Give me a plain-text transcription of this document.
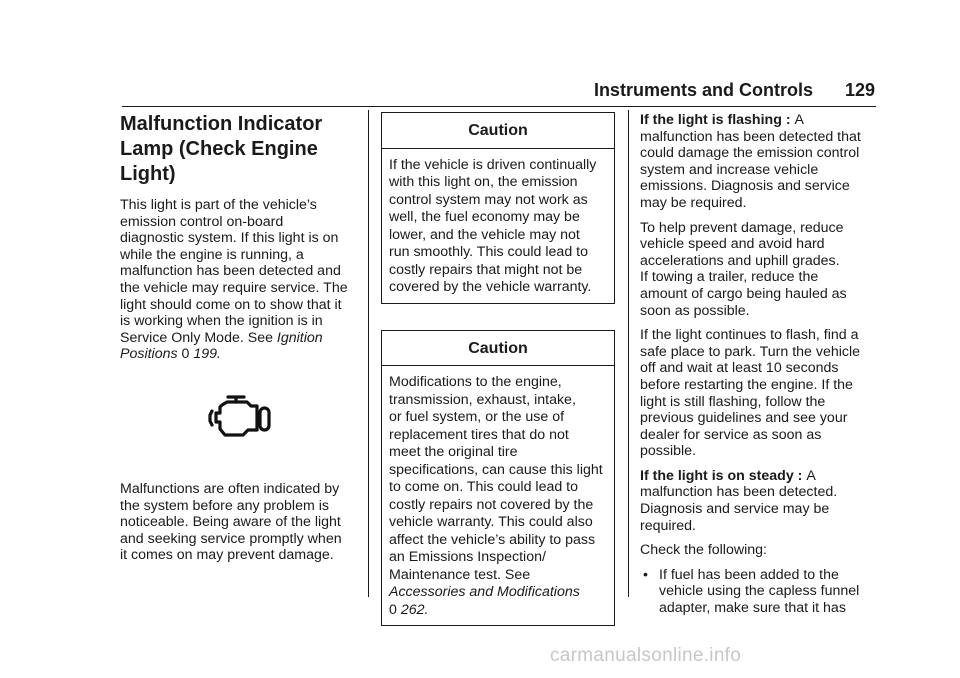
Instruments and Controls 129
Malfunction Indicator
Lamp (Check Engine
Light)

This light is part of the vehicle’s
emission control on-board
diagnostic system. If this light is on
while the engine is running, a
malfunction has been detected and
the vehicle may require service. The
light should come on to show that it
is working when the ignition is in
Service Only Mode. See Ignition
Positions 0 199.

Malfunctions are often indicated by
the system before any problem is
noticeable. Being aware of the light
and seeking service promptly when
it comes on may prevent damage.

Caution
If the vehicle is driven continually
with this light on, the emission
control system may not work as
well, the fuel economy may be
lower, and the vehicle may not
run smoothly. This could lead to
costly repairs that might not be
covered by the vehicle warranty.
Caution
Modifications to the engine,
transmission, exhaust, intake,
or fuel system, or the use of
replacement tires that do not
meet the original tire
specifications, can cause this light
to come on. This could lead to
costly repairs not covered by the
vehicle warranty. This could also
affect the vehicle’s ability to pass
an Emissions Inspection/
Maintenance test. See
Accessories and Modifications
0 262.

If the light is flashing : A
malfunction has been detected that
could damage the emission control
system and increase vehicle
emissions. Diagnosis and service
may be required.

To help prevent damage, reduce
vehicle speed and avoid hard
accelerations and uphill grades.
If towing a trailer, reduce the
amount of cargo being hauled as
soon as possible.

If the light continues to flash, find a
safe place to park. Turn the vehicle
off and wait at least 10 seconds
before restarting the engine. If the
light is still flashing, follow the
previous guidelines and see your
dealer for service as soon as
possible.

If the light is on steady : A
malfunction has been detected.
Diagnosis and service may be
required.

Check the following:

• If fuel has been added to the
vehicle using the capless funnel
adapter, make sure that it has
carmanualsonline.info
